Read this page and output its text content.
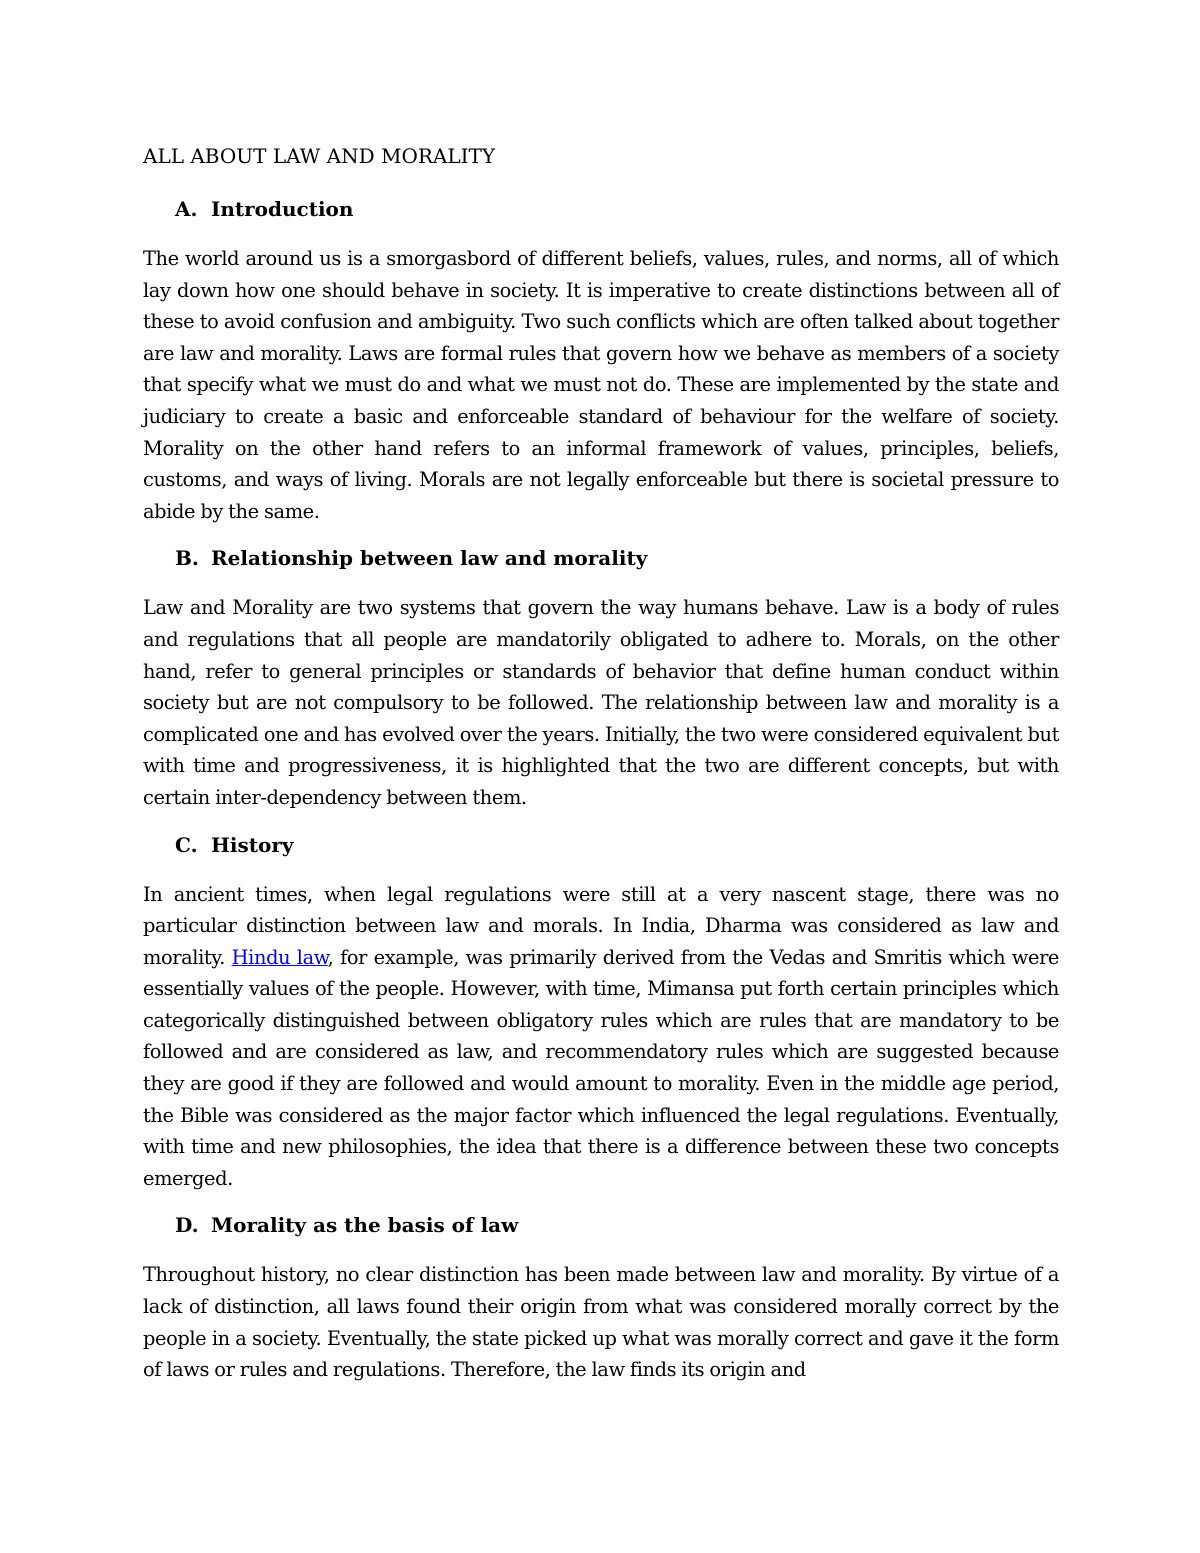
ALL ABOUT LAW AND MORALITY
A. Introduction

The world around us is a smorgasbord of different beliefs, values, rules, and norms, all of which lay down how one should behave in society. It is imperative to create distinctions between all of these to avoid confusion and ambiguity. Two such conflicts which are often talked about together are law and morality. Laws are formal rules that govern how we behave as members of a society that specify what we must do and what we must not do. These are implemented by the state and judiciary to create a basic and enforceable standard of behaviour for the welfare of society. Morality on the other hand refers to an informal framework of values, principles, beliefs, customs, and ways of living. Morals are not legally enforceable but there is societal pressure to abide by the same.

B. Relationship between law and morality

Law and Morality are two systems that govern the way humans behave. Law is a body of rules and regulations that all people are mandatorily obligated to adhere to. Morals, on the other hand, refer to general principles or standards of behavior that define human conduct within society but are not compulsory to be followed. The relationship between law and morality is a complicated one and has evolved over the years. Initially, the two were considered equivalent but with time and progressiveness, it is highlighted that the two are different concepts, but with certain inter-dependency between them.

C. History

In ancient times, when legal regulations were still at a very nascent stage, there was no particular distinction between law and morals. In India, Dharma was considered as law and morality. Hindu law, for example, was primarily derived from the Vedas and Smritis which were essentially values of the people. However, with time, Mimansa put forth certain principles which categorically distinguished between obligatory rules which are rules that are mandatory to be followed and are considered as law, and recommendatory rules which are suggested because they are good if they are followed and would amount to morality. Even in the middle age period, the Bible was considered as the major factor which influenced the legal regulations. Eventually, with time and new philosophies, the idea that there is a difference between these two concepts emerged.

D. Morality as the basis of law

Throughout history, no clear distinction has been made between law and morality. By virtue of a lack of distinction, all laws found their origin from what was considered morally correct by the people in a society. Eventually, the state picked up what was morally correct and gave it the form of laws or rules and regulations. Therefore, the law finds its origin and
